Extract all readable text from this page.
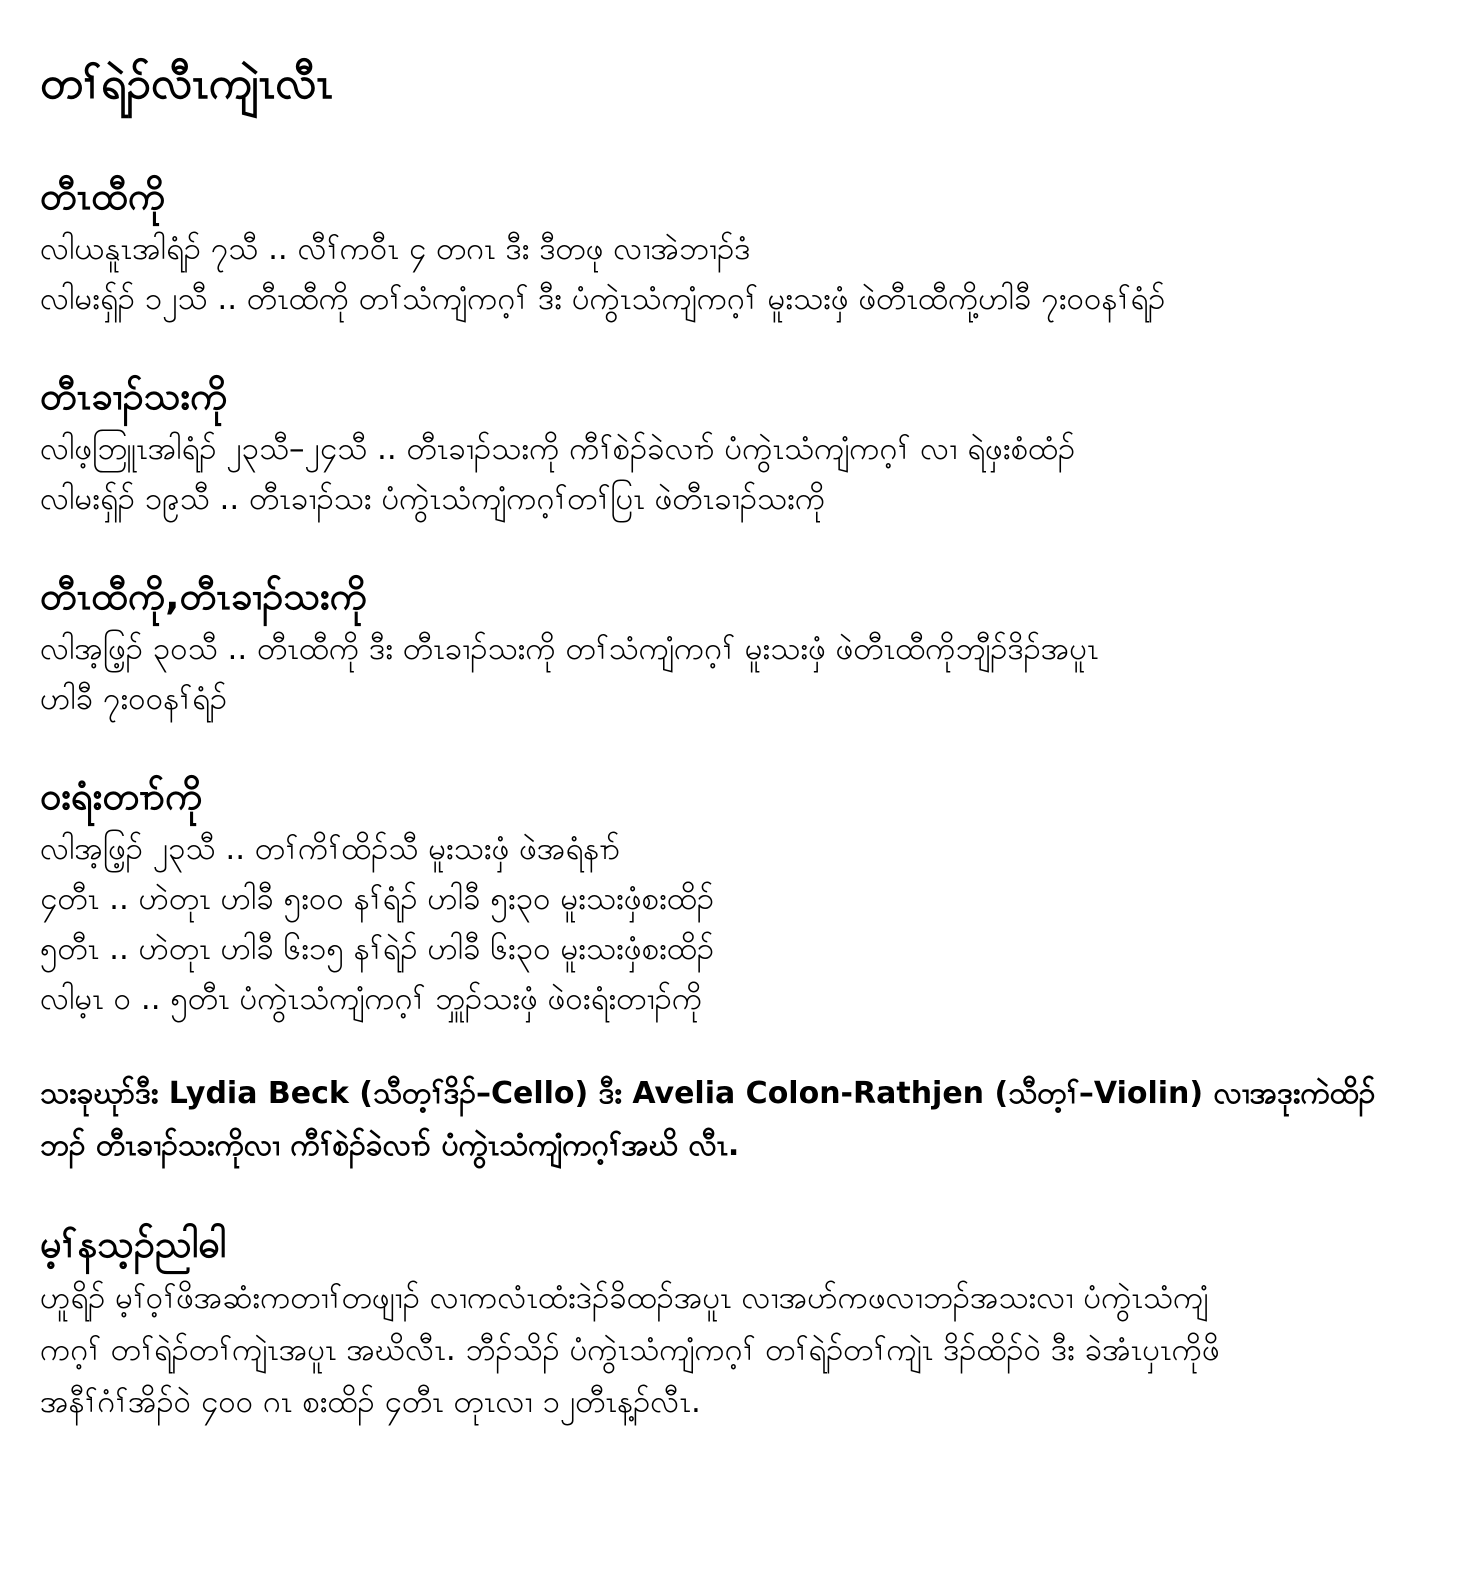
တၢ်ရဲၣ်လီၤကျဲၤလီၤ
တီၤထီကို

လါယနူၤအါရံၣ် ၇သီ .. လီၢ်ကဝီၤ ၄ တဂၤ ဒီး ဒီတဖု လၢအဲဘၢၣ်ဒံ

လါမးရှ်ၣ် ၁၂သီ .. တီၤထီကို တၢ်သံကျံကဂ့ၢ် ဒီး ပံကွဲၤသံကျံကဂ့ၢ် မူးသးဖှံ ဖဲတီၤထီကို့ဟါခီ ၇းဝဝနၢ်ရံၣ်

တီၤခၢၣ်သးကို

လါဖ့ဘြူၤအါရံၣ် ၂၃သီ–၂၄သီ .. တီၤခၢၣ်သးကို ကီၢ်စဲၣ်ခဲလၢာ် ပံကွဲၤသံကျံကဂ့ၢ် လၢ ရဲဖှးစံထံၣ်

လါမးရှ်ၣ် ၁၉သီ .. တီၤခၢၣ်သး ပံကွဲၤသံကျံကဂ့ၢ်တၢ်ပြၤ ဖဲတီၤခၢၣ်သးကို

တီၤထီကို,တီၤခၢၣ်သးကို

လါအ့ဖြ့ၣ် ၃ဝသီ .. တီၤထီကို ဒီး တီၤခၢၣ်သးကို တၢ်သံကျံကဂ့ၢ် မူးသးဖှံ ဖဲတီၤထီကိုဘျီၣ်ဒိၣ်အပူၤ

ဟါခီ ၇းဝဝနၢ်ရံၣ်

ဝးရံးတၢာ်ကို

လါအ့ဖြ့ၣ် ၂၃သီ .. တၢ်ကိၢ်ထိၣ်သီ မူးသးဖှံ ဖဲအရံနၢာ်

၄တီၤ .. ဟဲတုၤ ဟါခီ ၅းဝဝ နၢ်ရံၣ် ဟါခီ ၅း၃ဝ မူးသးဖှံစးထိၣ်

၅တီၤ .. ဟဲတုၤ ဟါခီ ၆း၁၅ နၢ်ရဲၣ် ဟါခီ ၆း၃ဝ မူးသးဖှံစးထိၣ်

လါမ့ၤ ဝ .. ၅တီၤ ပံကွဲၤသံကျံကဂ့ၢ် ဘှူၣ်သးဖှံ ဖဲဝးရံးတၢၣ်ကို

သးခုဃုာ်ဒီး Lydia Beck (သီတ့ၢ်ဒိၣ်–Cello) ဒီး Avelia Colon-Rathjen (သီတ့ၢ်–Violin) လၢအဒုးကဲထိၣ်

ဘၣ် တီၤခၢၣ်သးကိုလၢ ကီၢ်စဲၣ်ခဲလၢာ် ပံကွဲၤသံကျံကဂ့ၢ်အဃိ လီၤ.

မ့ၢ်နသ့ၣ်ညါဓါ

ဟူရိၣ် မ့ၢ်ဝ့ၢ်ဖိအဆံးကတၢၢ်တဖျၢၣ် လၢကလံၤထံးဒဲၣ်ခိထၣ်အပူၤ လၢအပာ်ကဖလၢဘၣ်အသးလၢ ပံကွဲၤသံကျံ

ကဂ့ၢ် တၢ်ရဲၣ်တၢ်ကျဲၤအပူၤ အဃိလီၤ. ဘီၣ်သိၣ် ပံကွဲၤသံကျံကဂ့ၢ် တၢ်ရဲၣ်တၢ်ကျဲၤ ဒိၣ်ထိၣ်ဝဲ ဒီး ခဲအံၤပှၤကိုဖိ

အနီၢ်ဂံၢ်အိၣ်ဝဲ ၄ဝဝ ဂၤ စးထိၣ် ၄တီၤ တုၤလၢ ၁၂တီၤန့ၣ်လီၤ.
